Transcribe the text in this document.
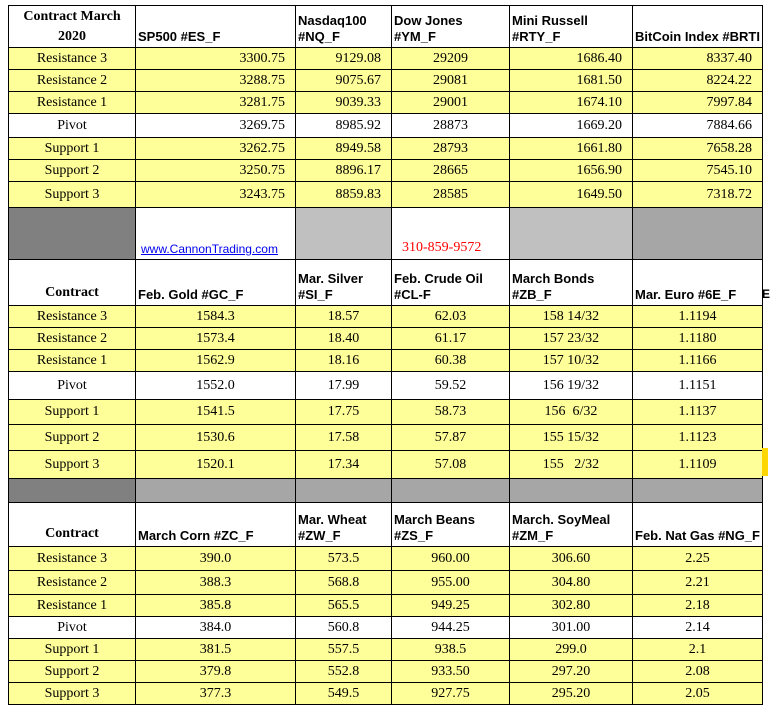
Contract March 2020	SP500 #ES_F	Nasdaq100 #NQ_F	Dow Jones #YM_F	Mini Russell #RTY_F	BitCoin Index #BRTI
Resistance 3	3300.75	9129.08	29209	1686.40	8337.40
Resistance 2	3288.75	9075.67	29081	1681.50	8224.22
Resistance 1	3281.75	9039.33	29001	1674.10	7997.84
Pivot	3269.75	8985.92	28873	1669.20	7884.66
Support 1	3262.75	8949.58	28793	1661.80	7658.28
Support 2	3250.75	8896.17	28665	1656.90	7545.10
Support 3	3243.75	8859.83	28585	1649.50	7318.72

	www.CannonTrading.com		310-859-9572		

Contract	Feb. Gold #GC_F	Mar. Silver #SI_F	Feb. Crude Oil #CL-F	March Bonds #ZB_F	Mar. Euro #6E_F
Resistance 3	1584.3	18.57	62.03	158 14/32	1.1194
Resistance 2	1573.4	18.40	61.17	157 23/32	1.1180
Resistance 1	1562.9	18.16	60.38	157 10/32	1.1166
Pivot	1552.0	17.99	59.52	156 19/32	1.1151
Support 1	1541.5	17.75	58.73	156  6/32	1.1137
Support 2	1530.6	17.58	57.87	155 15/32	1.1123
Support 3	1520.1	17.34	57.08	155   2/32	1.1109

Contract	March Corn #ZC_F	Mar. Wheat #ZW_F	March Beans #ZS_F	March. SoyMeal #ZM_F	Feb. Nat Gas #NG_F
Resistance 3	390.0	573.5	960.00	306.60	2.25
Resistance 2	388.3	568.8	955.00	304.80	2.21
Resistance 1	385.8	565.5	949.25	302.80	2.18
Pivot	384.0	560.8	944.25	301.00	2.14
Support 1	381.5	557.5	938.5	299.0	2.1
Support 2	379.8	552.8	933.50	297.20	2.08
Support 3	377.3	549.5	927.75	295.20	2.05
E
